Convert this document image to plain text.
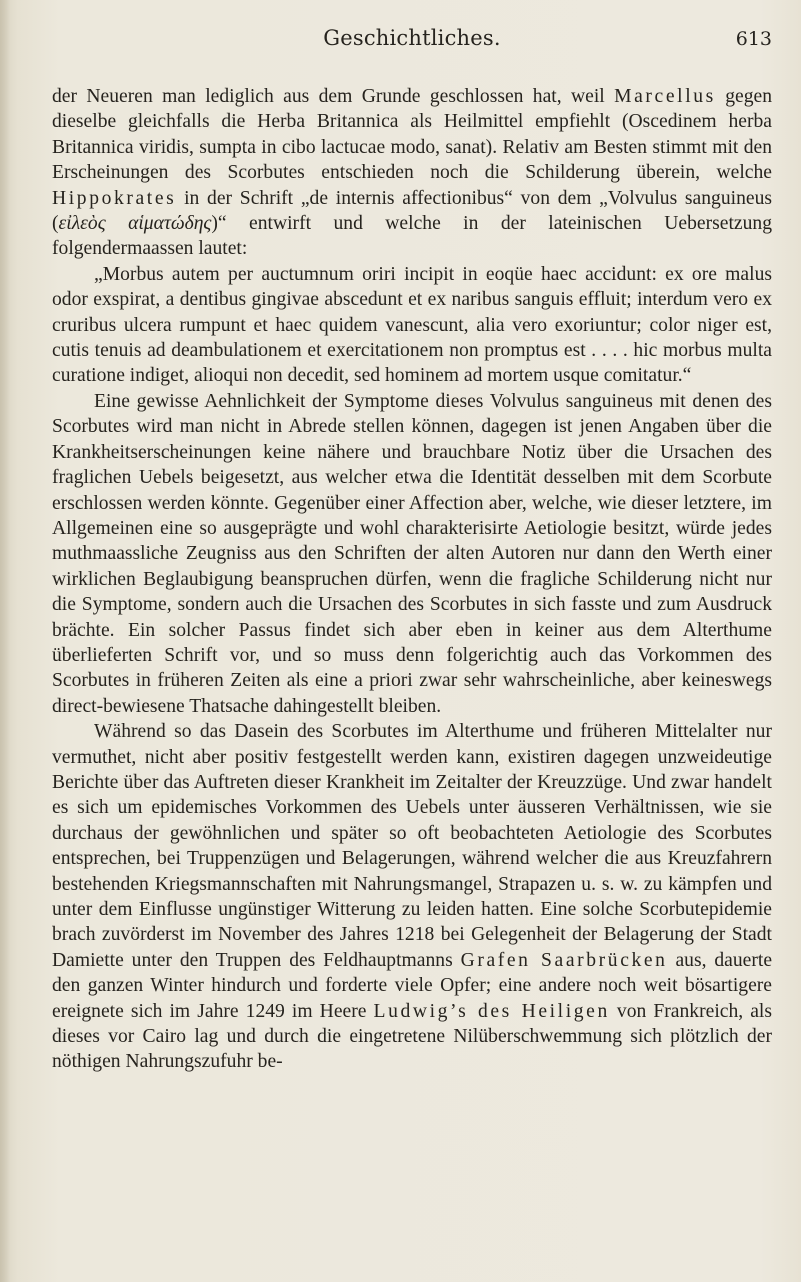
Geschichtliches.	613

der Neueren man lediglich aus dem Grunde geschlossen hat, weil Marcellus gegen dieselbe gleichfalls die Herba Britannica als Heilmittel empfiehlt (Oscedinem herba Britannica viridis, sumpta in cibo lactucae modo, sanat). Relativ am Besten stimmt mit den Erscheinungen des Scorbutes entschieden noch die Schilderung überein, welche Hippokrates in der Schrift „de internis affectionibus“ von dem „Volvulus sanguineus (εἰλεὸς αἱματώδης)“ entwirft und welche in der lateinischen Uebersetzung folgendermaassen lautet:

„Morbus autem per auctumnum oriri incipit in eoqüe haec accidunt: ex ore malus odor exspirat, a dentibus gingivae abscedunt et ex naribus sanguis effluit; interdum vero ex cruribus ulcera rumpunt et haec quidem vanescunt, alia vero exoriuntur; color niger est, cutis tenuis ad deambulationem et exercitationem non promptus est . . . . hic morbus multa curatione indiget, alioqui non decedit, sed hominem ad mortem usque comitatur.“

Eine gewisse Aehnlichkeit der Symptome dieses Volvulus sanguineus mit denen des Scorbutes wird man nicht in Abrede stellen können, dagegen ist jenen Angaben über die Krankheitserscheinungen keine nähere und brauchbare Notiz über die Ursachen des fraglichen Uebels beigesetzt, aus welcher etwa die Identität desselben mit dem Scorbute erschlossen werden könnte. Gegenüber einer Affection aber, welche, wie dieser letztere, im Allgemeinen eine so ausgeprägte und wohl charakterisirte Aetiologie besitzt, würde jedes muthmaassliche Zeugniss aus den Schriften der alten Autoren nur dann den Werth einer wirklichen Beglaubigung beanspruchen dürfen, wenn die fragliche Schilderung nicht nur die Symptome, sondern auch die Ursachen des Scorbutes in sich fasste und zum Ausdruck brächte. Ein solcher Passus findet sich aber eben in keiner aus dem Alterthume überlieferten Schrift vor, und so muss denn folgerichtig auch das Vorkommen des Scorbutes in früheren Zeiten als eine a priori zwar sehr wahrscheinliche, aber keineswegs direct-bewiesene Thatsache dahingestellt bleiben.

Während so das Dasein des Scorbutes im Alterthume und früheren Mittelalter nur vermuthet, nicht aber positiv festgestellt werden kann, existiren dagegen unzweideutige Berichte über das Auftreten dieser Krankheit im Zeitalter der Kreuzzüge. Und zwar handelt es sich um epidemisches Vorkommen des Uebels unter äusseren Verhältnissen, wie sie durchaus der gewöhnlichen und später so oft beobachteten Aetiologie des Scorbutes entsprechen, bei Truppenzügen und Belagerungen, während welcher die aus Kreuzfahrern bestehenden Kriegsmannschaften mit Nahrungsmangel, Strapazen u. s. w. zu kämpfen und unter dem Einflusse ungünstiger Witterung zu leiden hatten. Eine solche Scorbutepidemie brach zuvörderst im November des Jahres 1218 bei Gelegenheit der Belagerung der Stadt Damiette unter den Truppen des Feldhauptmanns Grafen Saarbrücken aus, dauerte den ganzen Winter hindurch und forderte viele Opfer; eine andere noch weit bösartigere ereignete sich im Jahre 1249 im Heere Ludwig’s des Heiligen von Frankreich, als dieses vor Cairo lag und durch die eingetretene Nilüberschwemmung sich plötzlich der nöthigen Nahrungszufuhr be-
